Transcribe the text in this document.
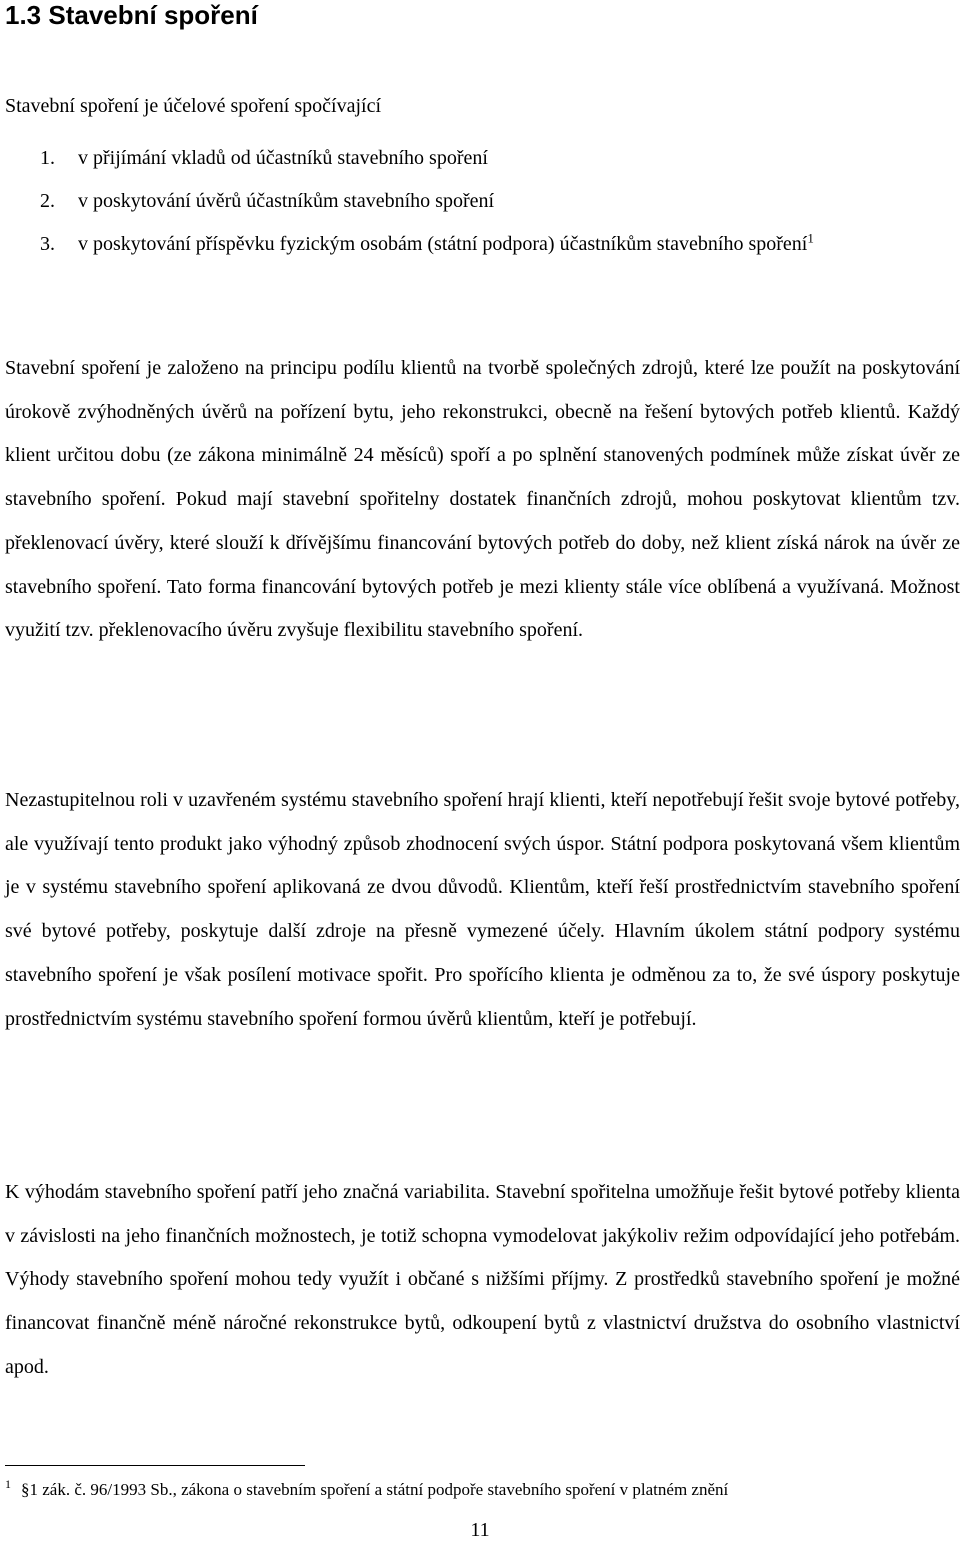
1.3 Stavební spoření

Stavební spoření je účelové spoření spočívající

1. v přijímání vkladů od účastníků stavebního spoření
2. v poskytování úvěrů účastníkům stavebního spoření
3. v poskytování příspěvku fyzickým osobám (státní podpora) účastníkům stavebního spoření$^1$

Stavební spoření je založeno na principu podílu klientů na tvorbě společných zdrojů, které lze použít na poskytování úrokově zvýhodněných úvěrů na pořízení bytu, jeho rekonstrukci, obecně na řešení bytových potřeb klientů. Každý klient určitou dobu (ze zákona minimálně 24 měsíců) spoří a po splnění stanovených podmínek může získat úvěr ze stavebního spoření. Pokud mají stavební spořitelny dostatek finančních zdrojů, mohou poskytovat klientům tzv. překlenovací úvěry, které slouží k dřívějšímu financování bytových potřeb do doby, než klient získá nárok na úvěr ze stavebního spoření. Tato forma financování bytových potřeb je mezi klienty stále více oblíbená a využívaná. Možnost využití tzv. překlenovacího úvěru zvyšuje flexibilitu stavebního spoření.

Nezastupitelnou roli v uzavřeném systému stavebního spoření hrají klienti, kteří nepotřebují řešit svoje bytové potřeby, ale využívají tento produkt jako výhodný způsob zhodnocení svých úspor. Státní podpora poskytovaná všem klientům je v systému stavebního spoření aplikovaná ze dvou důvodů. Klientům, kteří řeší prostřednictvím stavebního spoření své bytové potřeby, poskytuje další zdroje na přesně vymezené účely. Hlavním úkolem státní podpory systému stavebního spoření je však posílení motivace spořit. Pro spořícího klienta je odměnou za to, že své úspory poskytuje prostřednictvím systému stavebního spoření formou úvěrů klientům, kteří je potřebují.

K výhodám stavebního spoření patří jeho značná variabilita. Stavební spořitelna umožňuje řešit bytové potřeby klienta v závislosti na jeho finančních možnostech, je totiž schopna vymodelovat jakýkoliv režim odpovídající jeho potřebám. Výhody stavebního spoření mohou tedy využít i občané s nižšími příjmy. Z prostředků stavebního spoření je možné financovat finančně méně náročné rekonstrukce bytů, odkoupení bytů z vlastnictví družstva do osobního vlastnictví apod.

$^1$ §1 zák. č. 96/1993 Sb., zákona o stavebním spoření a státní podpoře stavebního spoření v platném znění

11
